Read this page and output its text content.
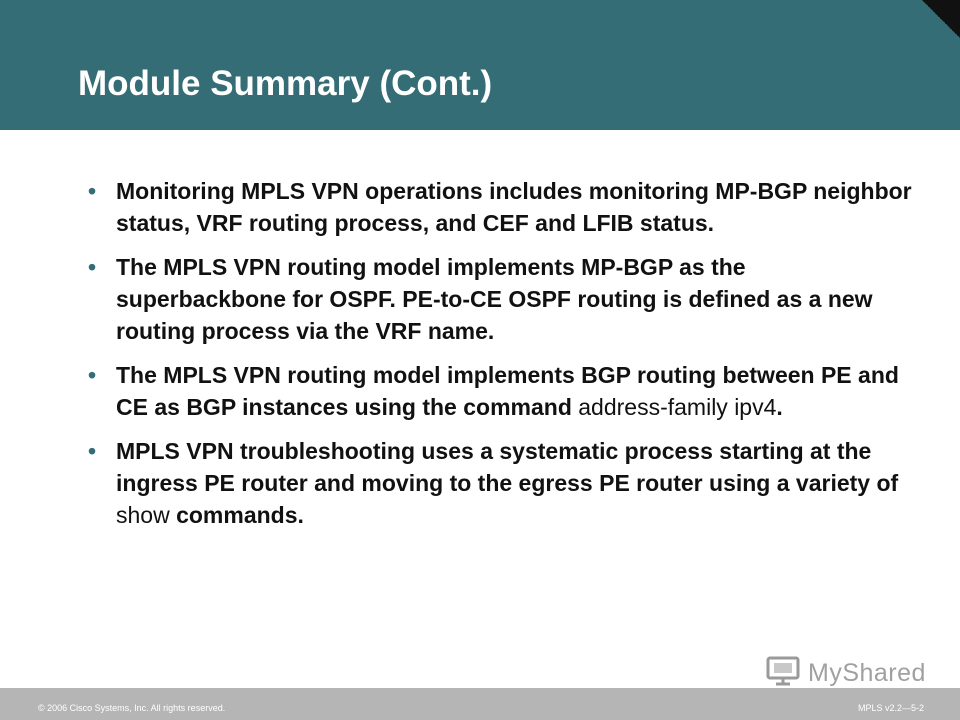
Module Summary (Cont.)
• Monitoring MPLS VPN operations includes monitoring MP-BGP neighbor status, VRF routing process, and CEF and LFIB status.
• The MPLS VPN routing model implements MP-BGP as the superbackbone for OSPF. PE-to-CE OSPF routing is defined as a new routing process via the VRF name.
• The MPLS VPN routing model implements BGP routing between PE and CE as BGP instances using the command address-family ipv4.
• MPLS VPN troubleshooting uses a systematic process starting at the ingress PE router and moving to the egress PE router using a variety of show commands.
MyShared
© 2006 Cisco Systems, Inc. All rights reserved.	MPLS v2.2—5-2
